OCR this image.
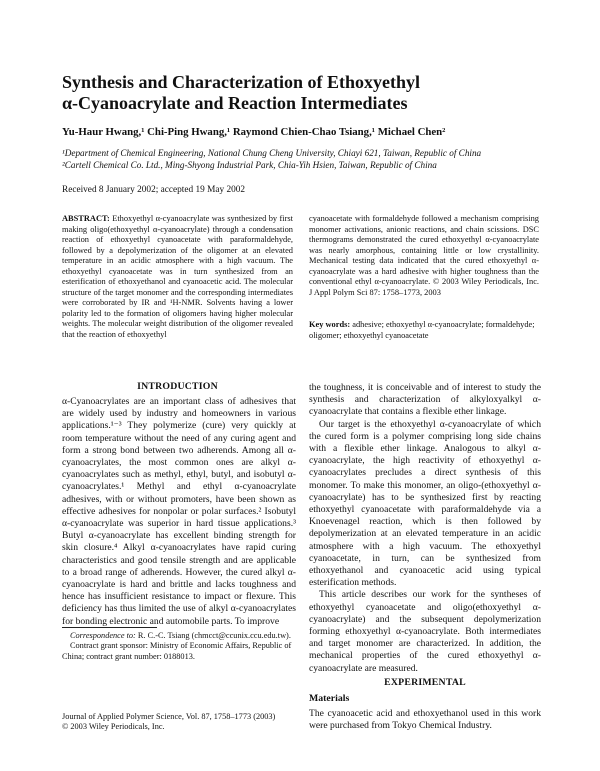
Synthesis and Characterization of Ethoxyethyl
α-Cyanoacrylate and Reaction Intermediates
Yu-Haur Hwang,¹ Chi-Ping Hwang,¹ Raymond Chien-Chao Tsiang,¹ Michael Chen²
¹Department of Chemical Engineering, National Chung Cheng University, Chiayi 621, Taiwan, Republic of China
²Cartell Chemical Co. Ltd., Ming-Shyong Industrial Park, Chia-Yih Hsien, Taiwan, Republic of China
Received 8 January 2002; accepted 19 May 2002
ABSTRACT: Ethoxyethyl α-cyanoacrylate was synthesized by first making oligo(ethoxyethyl α-cyanoacrylate) through a condensation reaction of ethoxyethyl cyanoacetate with paraformaldehyde, followed by a depolymerization of the oligomer at an elevated temperature in an acidic atmosphere with a high vacuum. The ethoxyethyl cyanoacetate was in turn synthesized from an esterification of ethoxyethanol and cyanoacetic acid. The molecular structure of the target monomer and the corresponding intermediates were corroborated by IR and ¹H-NMR. Solvents having a lower polarity led to the formation of oligomers having higher molecular weights. The molecular weight distribution of the oligomer revealed that the reaction of ethoxyethyl
cyanoacetate with formaldehyde followed a mechanism comprising monomer activations, anionic reactions, and chain scissions. DSC thermograms demonstrated the cured ethoxyethyl α-cyanoacrylate was nearly amorphous, containing little or low crystallinity. Mechanical testing data indicated that the cured ethoxyethyl α-cyanoacrylate was a hard adhesive with higher toughness than the conventional ethyl α-cyanoacrylate. © 2003 Wiley Periodicals, Inc. J Appl Polym Sci 87: 1758–1773, 2003
Key words: adhesive; ethoxyethyl α-cyanoacrylate; formaldehyde; oligomer; ethoxyethyl cyanoacetate
INTRODUCTION

α-Cyanoacrylates are an important class of adhesives that are widely used by industry and homeowners in various applications.¹⁻³ They polymerize (cure) very quickly at room temperature without the need of any curing agent and form a strong bond between two adherends. Among all α-cyanoacrylates, the most common ones are alkyl α-cyanoacrylates such as methyl, ethyl, butyl, and isobutyl α-cyanoacrylates.¹ Methyl and ethyl α-cyanoacrylate adhesives, with or without promoters, have been shown as effective adhesives for nonpolar or polar surfaces.² Isobutyl α-cyanoacrylate was superior in hard tissue applications.³ Butyl α-cyanoacrylate has excellent binding strength for skin closure.⁴ Alkyl α-cyanoacrylates have rapid curing characteristics and good tensile strength and are applicable to a broad range of adherends. However, the cured alkyl α-cyanoacrylate is hard and brittle and lacks toughness and hence has insufficient resistance to impact or flexure. This deficiency has thus limited the use of alkyl α-cyanoacrylates for bonding electronic and automobile parts. To improve

the toughness, it is conceivable and of interest to study the synthesis and characterization of alkyloxyalkyl α-cyanoacrylate that contains a flexible ether linkage.

Our target is the ethoxyethyl α-cyanoacrylate of which the cured form is a polymer comprising long side chains with a flexible ether linkage. Analogous to alkyl α-cyanoacrylate, the high reactivity of ethoxyethyl α-cyanoacrylates precludes a direct synthesis of this monomer. To make this monomer, an oligo-(ethoxyethyl α-cyanoacrylate) has to be synthesized first by reacting ethoxyethyl cyanoacetate with paraformaldehyde via a Knoevenagel reaction, which is then followed by depolymerization at an elevated temperature in an acidic atmosphere with a high vacuum. The ethoxyethyl cyanoacetate, in turn, can be synthesized from ethoxyethanol and cyanoacetic acid using typical esterification methods.

This article describes our work for the syntheses of ethoxyethyl cyanoacetate and oligo(ethoxyethyl α-cyanoacrylate) and the subsequent depolymerization forming ethoxyethyl α-cyanoacrylate. Both intermediates and target monomer are characterized. In addition, the mechanical properties of the cured ethoxyethyl α-cyanoacrylate are measured.

Correspondence to: R. C.-C. Tsiang (chmcct@ccunix.ccu.edu.tw).

Contract grant sponsor: Ministry of Economic Affairs, Republic of China; contract grant number: 0188013.

Journal of Applied Polymer Science, Vol. 87, 1758–1773 (2003)
© 2003 Wiley Periodicals, Inc.
EXPERIMENTAL
Materials
The cyanoacetic acid and ethoxyethanol used in this work were purchased from Tokyo Chemical Industry.
